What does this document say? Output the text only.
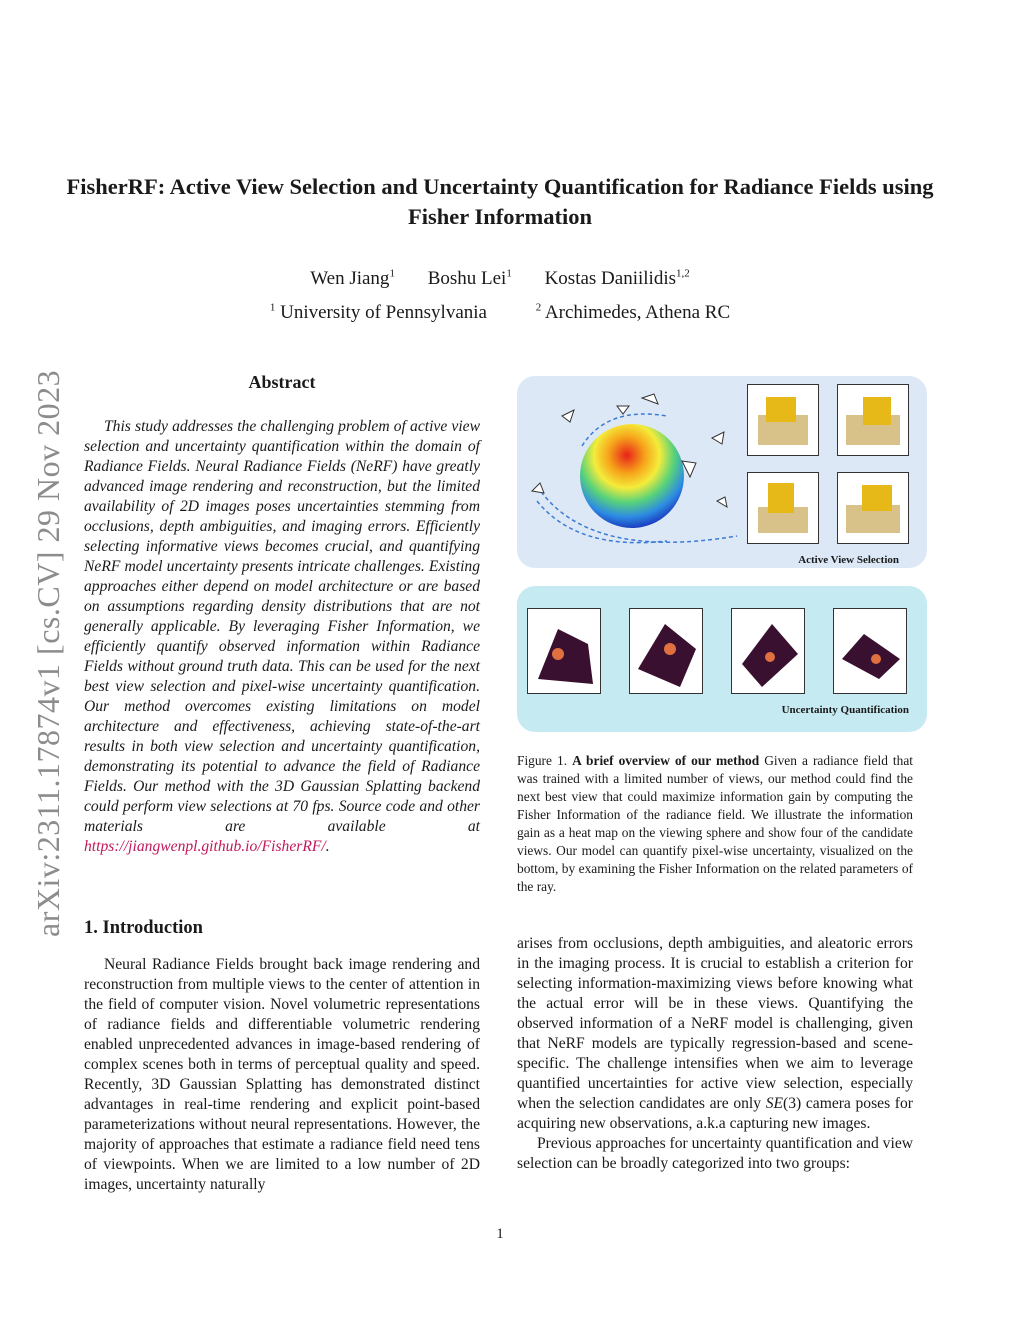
arXiv:2311.17874v1 [cs.CV] 29 Nov 2023
FisherRF: Active View Selection and Uncertainty Quantification for Radiance Fields using Fisher Information
Wen Jiang$^1$ Boshu Lei$^1$ Kostas Daniilidis$^{1,2}$
$^1$ University of Pennsylvania	$^2$ Archimedes, Athena RC
Abstract

This study addresses the challenging problem of active view selection and uncertainty quantification within the domain of Radiance Fields. Neural Radiance Fields (NeRF) have greatly advanced image rendering and reconstruction, but the limited availability of 2D images poses uncertainties stemming from occlusions, depth ambiguities, and imaging errors. Efficiently selecting informative views becomes crucial, and quantifying NeRF model uncertainty presents intricate challenges. Existing approaches either depend on model architecture or are based on assumptions regarding density distributions that are not generally applicable. By leveraging Fisher Information, we efficiently quantify observed information within Radiance Fields without ground truth data. This can be used for the next best view selection and pixel-wise uncertainty quantification. Our method overcomes existing limitations on model architecture and effectiveness, achieving state-of-the-art results in both view selection and uncertainty quantification, demonstrating its potential to advance the field of Radiance Fields. Our method with the 3D Gaussian Splatting backend could perform view selections at 70 fps. Source code and other materials are available at https://jiangwenpl.github.io/FisherRF/.

1. Introduction

Neural Radiance Fields brought back image rendering and reconstruction from multiple views to the center of attention in the field of computer vision. Novel volumetric representations of radiance fields and differentiable volumetric rendering enabled unprecedented advances in image-based rendering of complex scenes both in terms of perceptual quality and speed. Recently, 3D Gaussian Splatting has demonstrated distinct advantages in real-time rendering and explicit point-based parameterizations without neural representations. However, the majority of approaches that estimate a radiance field need tens of viewpoints. When we are limited to a low number of 2D images, uncertainty naturally

Active View Selection
Uncertainty Quantification

Figure 1. A brief overview of our method Given a radiance field that was trained with a limited number of views, our method could find the next best view that could maximize information gain by computing the Fisher Information of the radiance field. We illustrate the information gain as a heat map on the viewing sphere and show four of the candidate views. Our model can quantify pixel-wise uncertainty, visualized on the bottom, by examining the Fisher Information on the related parameters of the ray.

arises from occlusions, depth ambiguities, and aleatoric errors in the imaging process. It is crucial to establish a criterion for selecting information-maximizing views before knowing what the actual error will be in these views. Quantifying the observed information of a NeRF model is challenging, given that NeRF models are typically regression-based and scene-specific. The challenge intensifies when we aim to leverage quantified uncertainties for active view selection, especially when the selection candidates are only SE(3) camera poses for acquiring new observations, a.k.a capturing new images.

Previous approaches for uncertainty quantification and view selection can be broadly categorized into two groups:

1
